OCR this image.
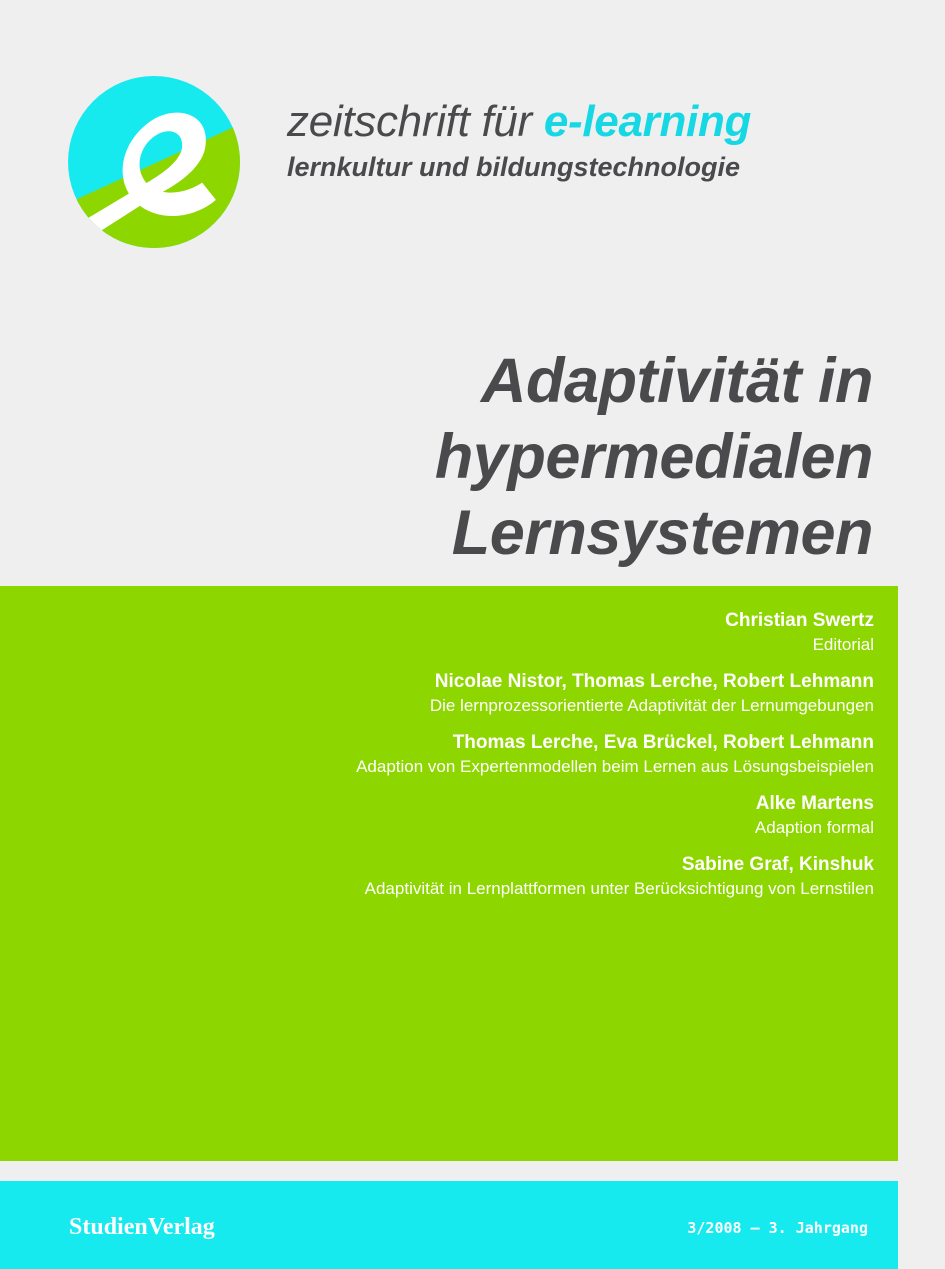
zeitschrift für e-learning
lernkultur und bildungstechnologie
Adaptivität in
hypermedialen
Lernsystemen
Christian Swertz
Editorial
Nicolae Nistor, Thomas Lerche, Robert Lehmann
Die lernprozessorientierte Adaptivität der Lernumgebungen
Thomas Lerche, Eva Brückel, Robert Lehmann
Adaption von Expertenmodellen beim Lernen aus Lösungsbeispielen
Alke Martens
Adaption formal
Sabine Graf, Kinshuk
Adaptivität in Lernplattformen unter Berücksichtigung von Lernstilen
StudienVerlag	3/2008 — 3. Jahrgang
